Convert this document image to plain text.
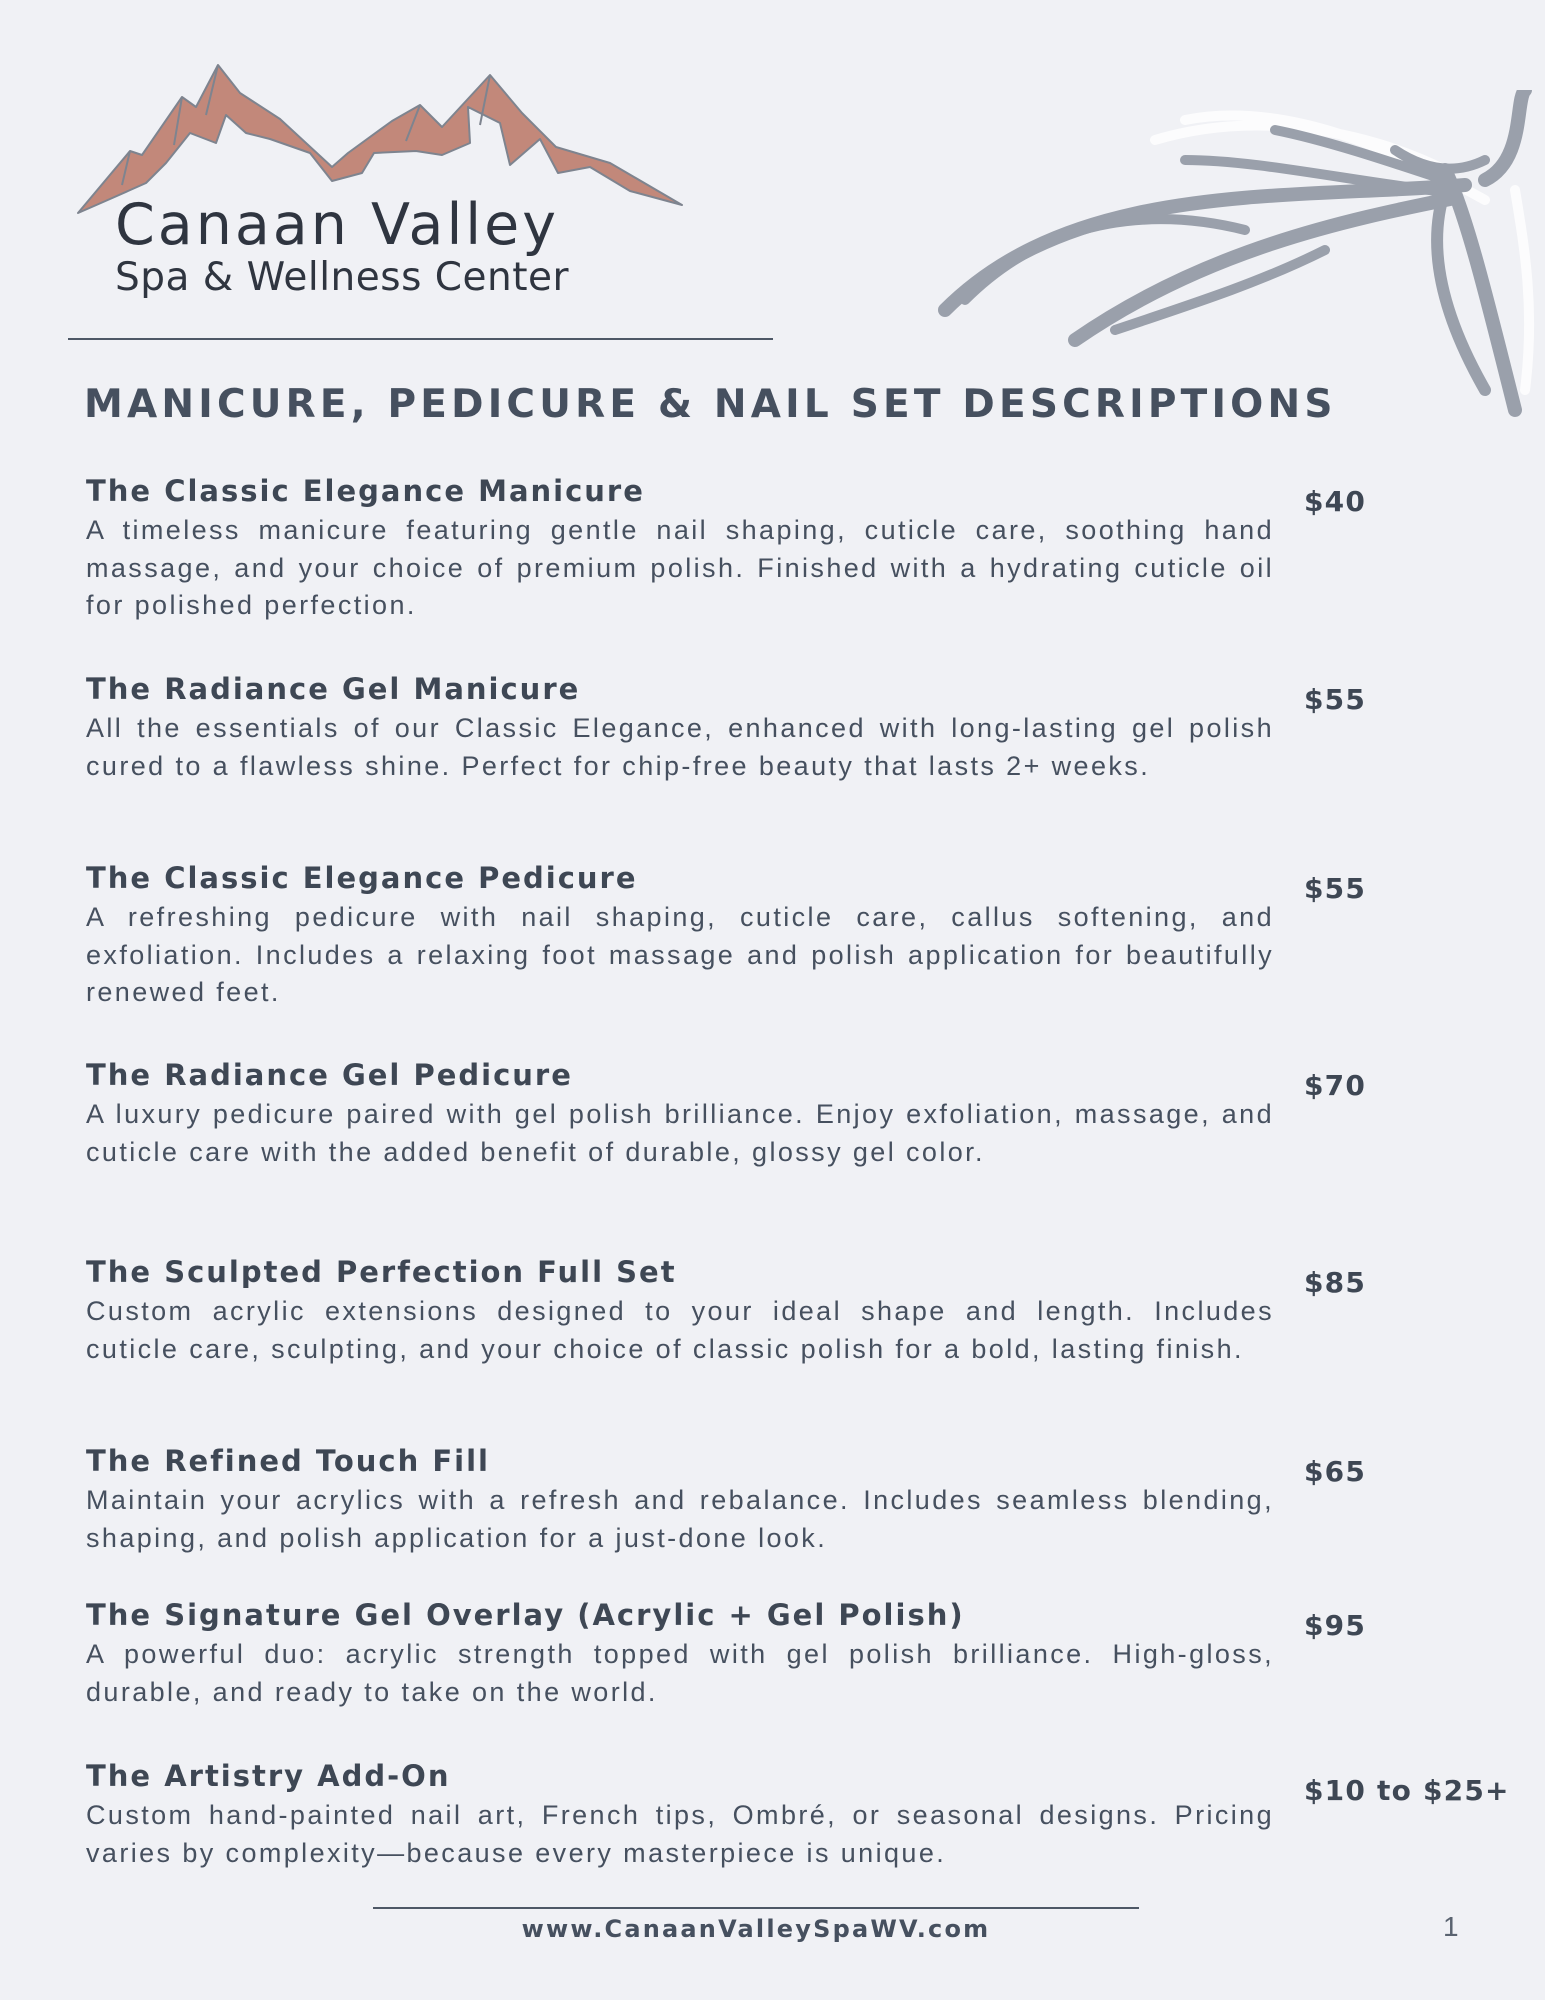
Canaan Valley
Spa & Wellness Center
MANICURE, PEDICURE & NAIL SET DESCRIPTIONS
The Classic Elegance Manicure
A timeless manicure featuring gentle nail shaping, cuticle care, soothing hand massage, and your choice of premium polish. Finished with a hydrating cuticle oil for polished perfection.
$40
The Radiance Gel Manicure
All the essentials of our Classic Elegance, enhanced with long-lasting gel polish cured to a flawless shine. Perfect for chip-free beauty that lasts 2+ weeks.
$55
The Classic Elegance Pedicure
A refreshing pedicure with nail shaping, cuticle care, callus softening, and exfoliation. Includes a relaxing foot massage and polish application for beautifully renewed feet.
$55
The Radiance Gel Pedicure
A luxury pedicure paired with gel polish brilliance. Enjoy exfoliation, massage, and cuticle care with the added benefit of durable, glossy gel color.
$70
The Sculpted Perfection Full Set
Custom acrylic extensions designed to your ideal shape and length. Includes cuticle care, sculpting, and your choice of classic polish for a bold, lasting finish.
$85
The Refined Touch Fill
Maintain your acrylics with a refresh and rebalance. Includes seamless blending, shaping, and polish application for a just-done look.
$65
The Signature Gel Overlay (Acrylic + Gel Polish)
A powerful duo: acrylic strength topped with gel polish brilliance. High-gloss, durable, and ready to take on the world.
$95
The Artistry Add-On
Custom hand-painted nail art, French tips, Ombré, or seasonal designs. Pricing varies by complexity—because every masterpiece is unique.
$10 to $25+
www.CanaanValleySpaWV.com	1
